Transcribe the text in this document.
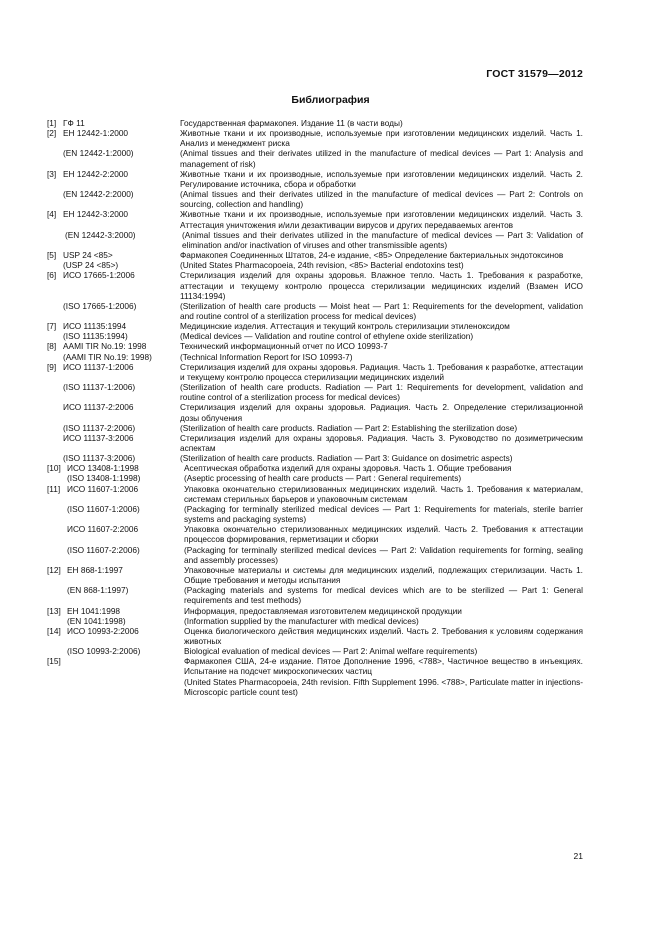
ГОСТ 31579—2012
Библиография
[1] ГФ 11	Государственная фармакопея. Издание 11 (в части воды)
[2] ЕН 12442-1:2000	Животные ткани и их производные, используемые при изготовлении медицинских изделий. Часть 1. Анализ и менеджмент риска
(EN 12442-1:2000)	(Animal tissues and their derivates utilized in the manufacture of medical devices — Part 1: Analysis and management of risk)
[3] ЕН 12442-2:2000	Животные ткани и их производные, используемые при изготовлении медицинских изделий. Часть 2. Регулирование источника, сбора и обработки
(EN 12442-2:2000)	(Animal tissues and their derivates utilized in the manufacture of medical devices — Part 2: Controls on sourcing, collection and handling)
[4] ЕН 12442-3:2000	Животные ткани и их производные, используемые при изготовлении медицинских изделий. Часть 3. Аттестация уничтожения и/или дезактивации вирусов и других передаваемых агентов
(EN 12442-3:2000)	(Animal tissues and their derivates utilized in the manufacture of medical devices — Part 3: Validation of elimination and/or inactivation of viruses and other transmissible agents)
[5] USP 24 <85>	Фармакопея Соединенных Штатов, 24-е издание, <85> Определение бактериальных эндотоксинов
(USP 24 <85>)	(United States Pharmacopoeia, 24th revision, <85> Bacterial endotoxins test)
[6] ИСО 17665-1:2006	Стерилизация изделий для охраны здоровья. Влажное тепло. Часть 1. Требования к разработке, аттестации и текущему контролю процесса стерилизации медицинских изделий (Взамен ИСО 11134:1994)
(ISO 17665-1:2006)	(Sterilization of health care products — Moist heat — Part 1: Requirements for the development, validation and routine control of a sterilization process for medical devices)
[7] ИСО 11135:1994	Медицинские изделия. Аттестация и текущий контроль стерилизации этиленоксидом
(ISO 11135:1994)	(Medical devices — Validation and routine control of ethylene oxide sterilization)
[8] AAMI TIR No.19: 1998	Технический информационный отчет по ИСО 10993-7
(AAMI TIR No.19: 1998)	(Technical Information Report for ISO 10993-7)
[9] ИСО 11137-1:2006	Стерилизация изделий для охраны здоровья. Радиация. Часть 1. Требования к разработке, аттестации и текущему контролю процесса стерилизации медицинских изделий
(ISO 11137-1:2006)	(Sterilization of health care products. Radiation — Part 1: Requirements for development, validation and routine control of a sterilization process for medical devices)
ИСО 11137-2:2006	Стерилизация изделий для охраны здоровья. Радиация. Часть 2. Определение стерилизационной дозы облучения
(ISO 11137-2:2006)	(Sterilization of health care products. Radiation — Part 2: Establishing the sterilization dose)
ИСО 11137-3:2006	Стерилизация изделий для охраны здоровья. Радиация. Часть 3. Руководство по дозиметрическим аспектам
(ISO 11137-3:2006)	(Sterilization of health care products. Radiation — Part 3: Guidance on dosimetric aspects)
[10] ИСО 13408-1:1998	Асептическая обработка изделий для охраны здоровья. Часть 1. Общие требования
(ISO 13408-1:1998)	(Aseptic processing of health care products — Part : General requirements)
[11] ИСО 11607-1:2006	Упаковка окончательно стерилизованных медицинских изделий. Часть 1. Требования к материалам, системам стерильных барьеров и упаковочным системам
(ISO 11607-1:2006)	(Packaging for terminally sterilized medical devices — Part 1: Requirements for materials, sterile barrier systems and packaging systems)
ИСО 11607-2:2006	Упаковка окончательно стерилизованных медицинских изделий. Часть 2. Требования к аттестации процессов формирования, герметизации и сборки
(ISO 11607-2:2006)	(Packaging for terminally sterilized medical devices — Part 2: Validation requirements for forming, sealing and assembly processes)
[12] ЕН 868-1:1997	Упаковочные материалы и системы для медицинских изделий, подлежащих стерилизации. Часть 1. Общие требования и методы испытания
(EN 868-1:1997)	(Packaging materials and systems for medical devices which are to be sterilized — Part 1: General requirements and test methods)
[13] ЕН 1041:1998	Информация, предоставляемая изготовителем медицинской продукции
(EN 1041:1998)	(Information supplied by the manufacturer with medical devices)
[14] ИСО 10993-2:2006	Оценка биологического действия медицинских изделий. Часть 2. Требования к условиям содержания животных
(ISO 10993-2:2006)	Biological evaluation of medical devices — Part 2: Animal welfare requirements)
[15]	Фармакопея США, 24-е издание. Пятое Дополнение 1996, <788>, Частичное вещество в инъекциях. Испытание на подсчет микроскопических частиц
(United States Pharmacopoeia, 24th revision. Fifth Supplement 1996. <788>, Particulate matter in injections-Microscopic particle count test)
21
